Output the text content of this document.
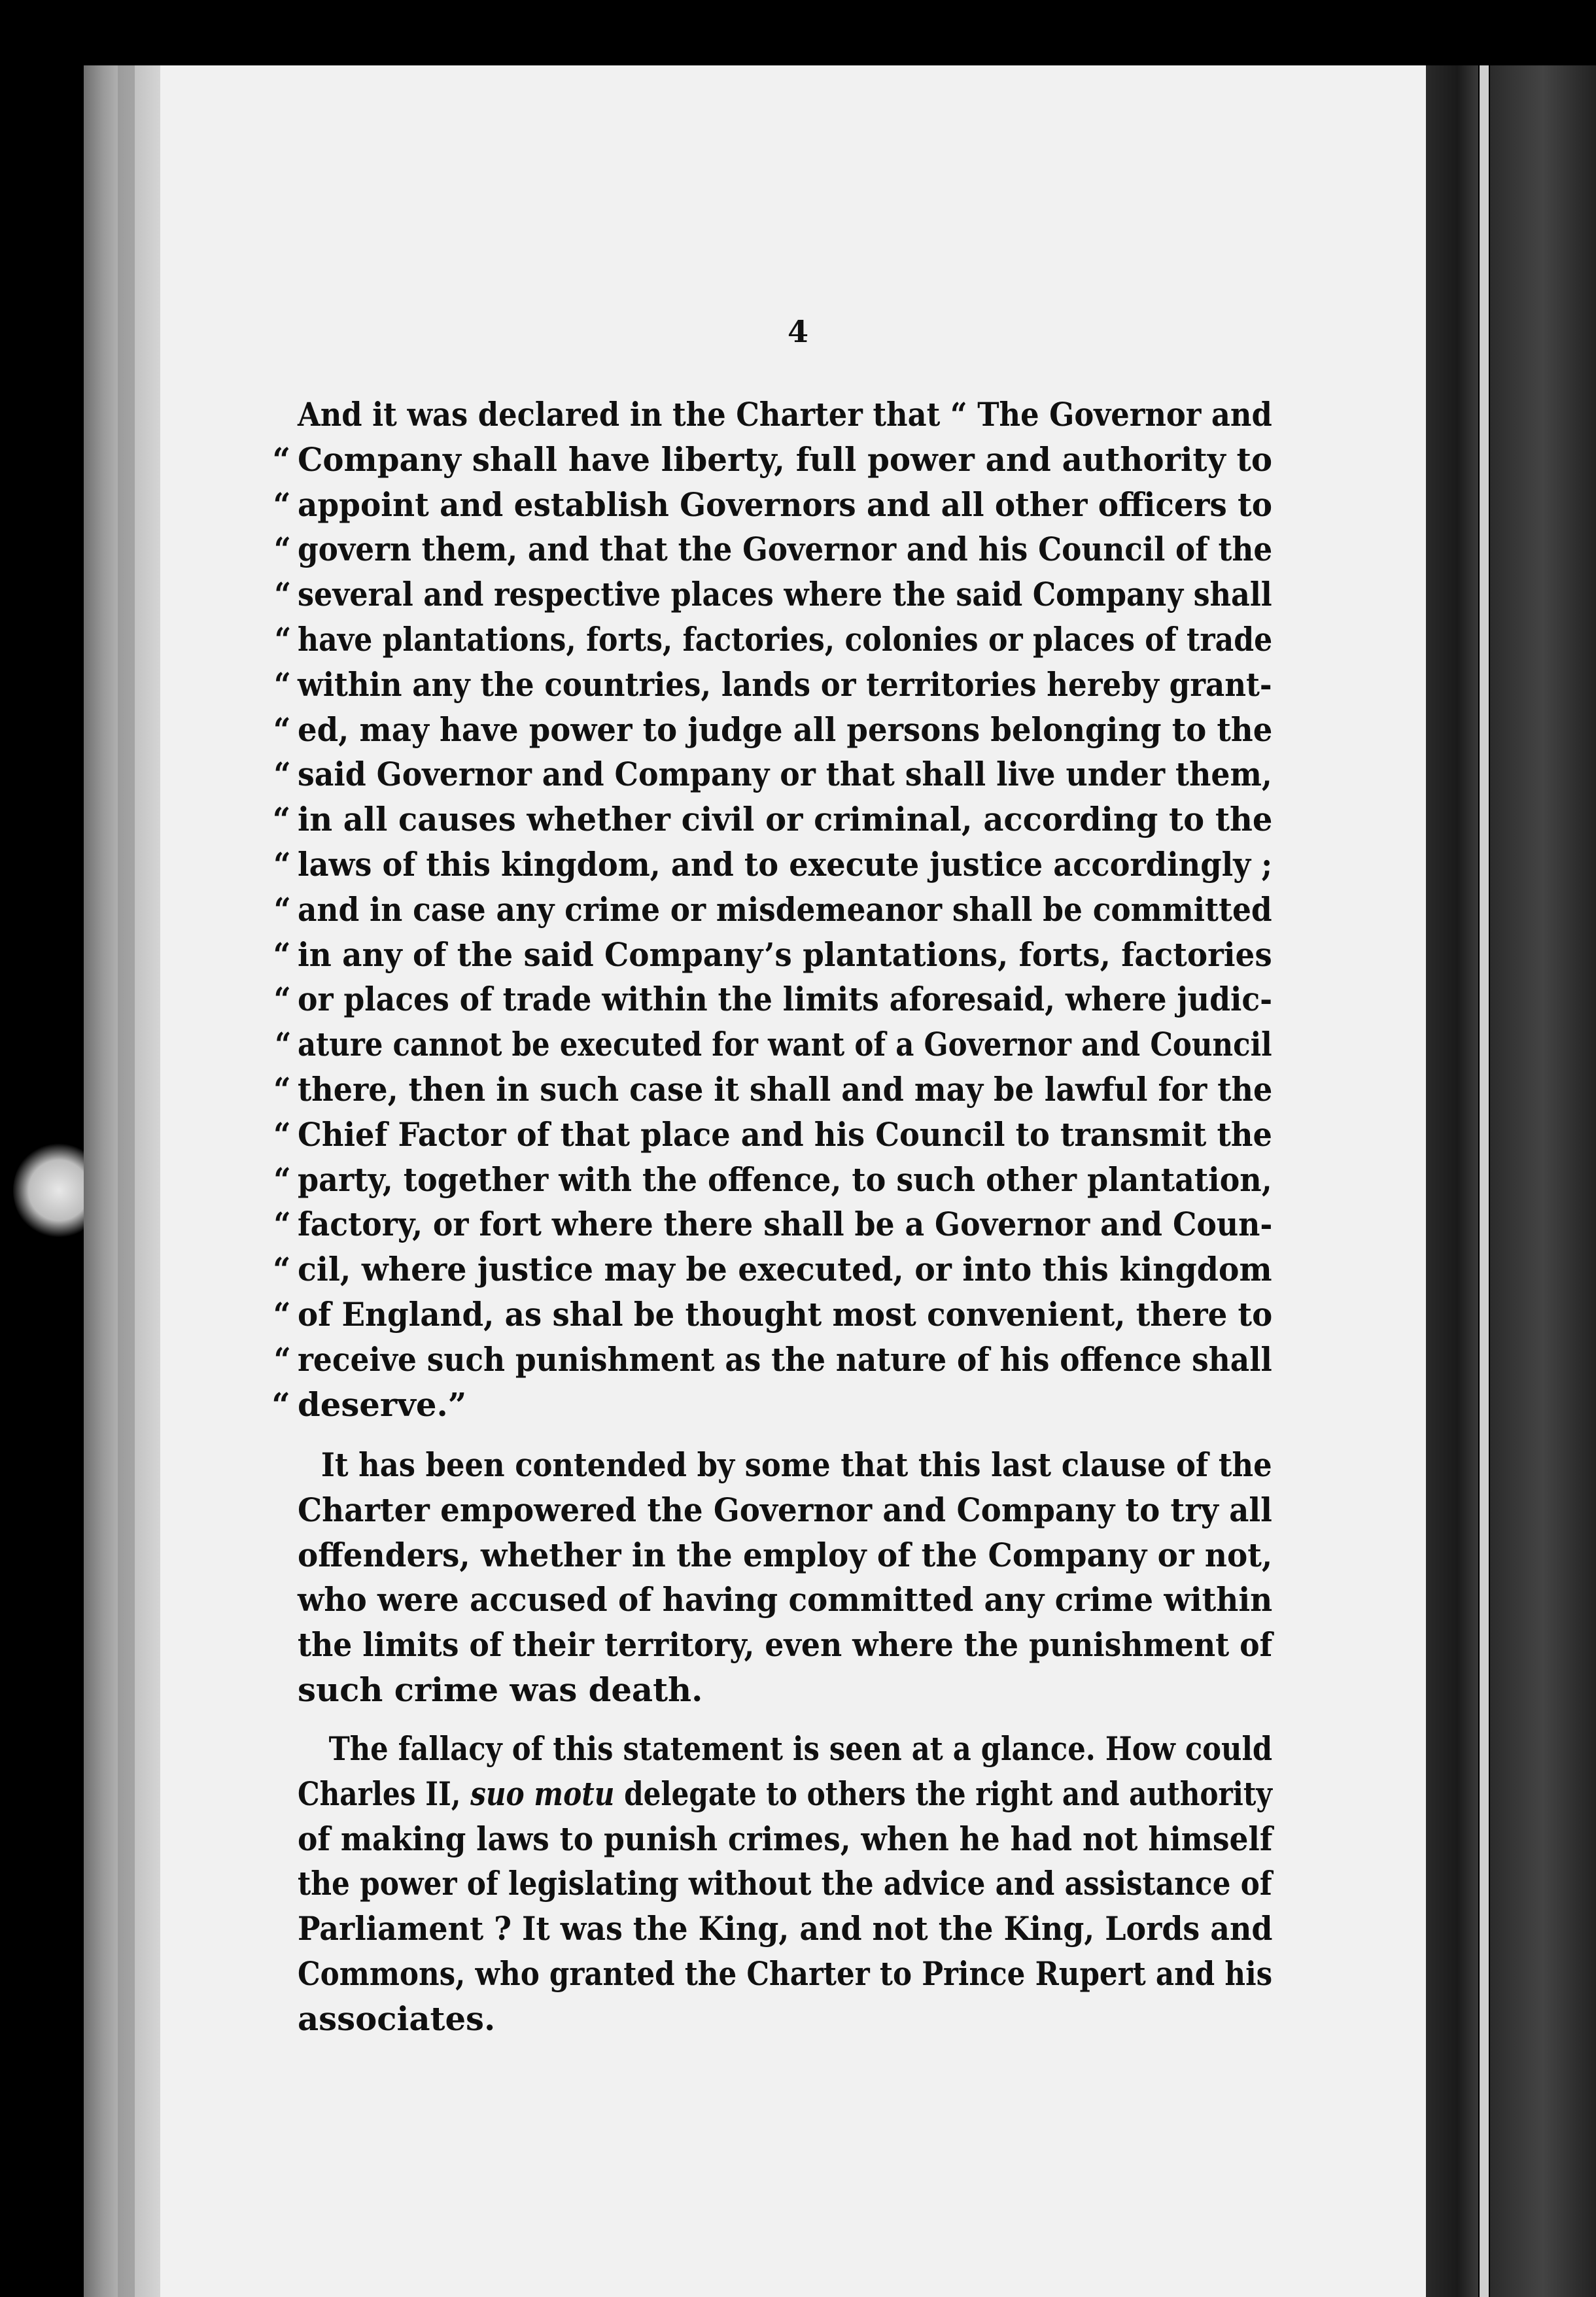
4
And it was declared in the Charter that “ The Governor and
“ Company shall have liberty, full power and authority to
“ appoint and establish Governors and all other officers to
“ govern them, and that the Governor and his Council of the
“ several and respective places where the said Company shall
“ have plantations, forts, factories, colonies or places of trade
“ within any the countries, lands or territories hereby grant-
“ ed, may have power to judge all persons belonging to the
“ said Governor and Company or that shall live under them,
“ in all causes whether civil or criminal, according to the
“ laws of this kingdom, and to execute justice accordingly ;
“ and in case any crime or misdemeanor shall be committed
“ in any of the said Company’s plantations, forts, factories
“ or places of trade within the limits aforesaid, where judic-
“ ature cannot be executed for want of a Governor and Council
“ there, then in such case it shall and may be lawful for the
“ Chief Factor of that place and his Council to transmit the
“ party, together with the offence, to such other plantation,
“ factory, or fort where there shall be a Governor and Coun-
“ cil, where justice may be executed, or into this kingdom
“ of England, as shal be thought most convenient, there to
“ receive such punishment as the nature of his offence shall
“ deserve.”
It has been contended by some that this last clause of the
Charter empowered the Governor and Company to try all
offenders, whether in the employ of the Company or not,
who were accused of having committed any crime within
the limits of their territory, even where the punishment of
such crime was death.
The fallacy of this statement is seen at a glance. How could
Charles II, suo motu delegate to others the right and authority
of making laws to punish crimes, when he had not himself
the power of legislating without the advice and assistance of
Parliament ? It was the King, and not the King, Lords and
Commons, who granted the Charter to Prince Rupert and his
associates.
